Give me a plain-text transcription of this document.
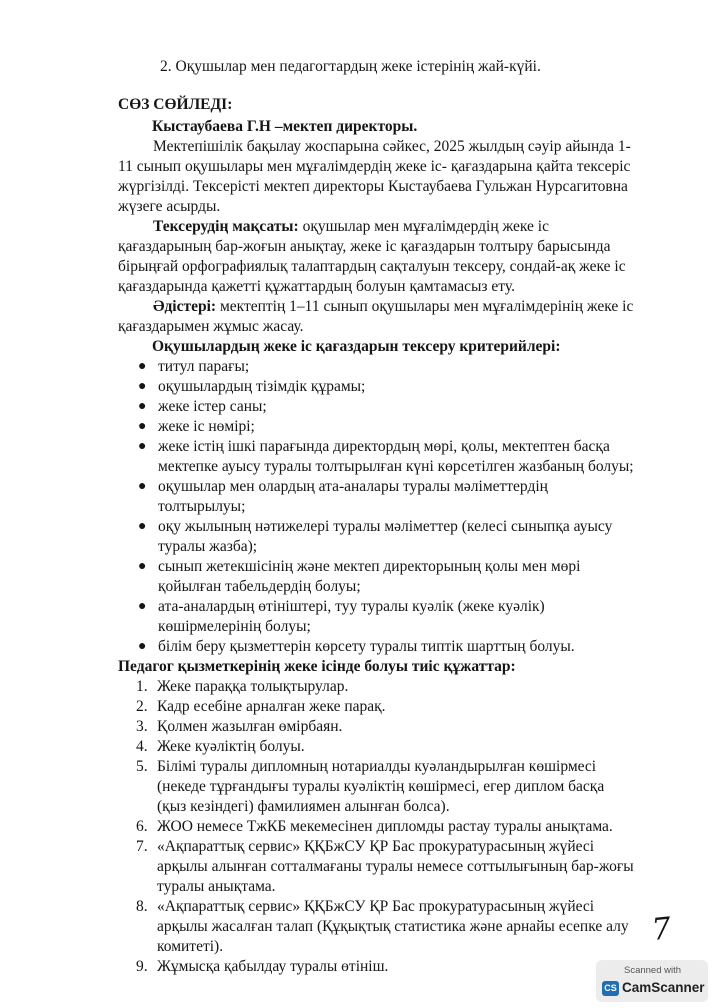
2. Оқушылар мен педагогтардың жеке істерінің жай-күйі.
СӨЗ СӨЙЛЕДІ:
Кыстаубаева Г.Н –мектеп директоры.
Мектепішілік бақылау жоспарына сәйкес, 2025 жылдың сәуір айында 1-
11 сынып оқушылары мен мұғалімдердің жеке іс- қағаздарына қайта тексеріс
жүргізілді. Тексерісті мектеп директоры Кыстаубаева Гульжан Нурсагитовна
жүзеге асырды.
Тексерудің мақсаты: оқушылар мен мұғалімдердің жеке іс
қағаздарының бар-жоғын анықтау, жеке іс қағаздарын толтыру барысында
бірыңғай орфографиялық талаптардың сақталуын тексеру, сондай-ақ жеке іс
қағаздарында қажетті құжаттардың болуын қамтамасыз ету.
Әдістері: мектептің 1–11 сынып оқушылары мен мұғалімдерінің жеке іс
қағаздарымен жұмыс жасау.
Оқушылардың жеке іс қағаздарын тексеру критерийлері:
● титул парағы;
● оқушылардың тізімдік құрамы;
● жеке істер саны;
● жеке іс нөмірі;
● жеке істің ішкі парағында директордың мөрі, қолы, мектептен басқа
мектепке ауысу туралы толтырылған күні көрсетілген жазбаның болуы;
● оқушылар мен олардың ата-аналары туралы мәліметтердің
толтырылуы;
● оқу жылының нәтижелері туралы мәліметтер (келесі сыныпқа ауысу
туралы жазба);
● сынып жетекшісінің және мектеп директорының қолы мен мөрі
қойылған табельдердің болуы;
● ата-аналардың өтініштері, туу туралы куәлік (жеке куәлік)
көшірмелерінің болуы;
● білім беру қызметтерін көрсету туралы типтік шарттың болуы.
Педагог қызметкерінің жеке ісінде болуы тиіс құжаттар:
1. Жеке параққа толықтырулар.
2. Кадр есебіне арналған жеке парақ.
3. Қолмен жазылған өмірбаян.
4. Жеке куәліктің болуы.
5. Білімі туралы дипломның нотариалды куәландырылған көшірмесі
(некеде тұрғандығы туралы куәліктің көшірмесі, егер диплом басқа
(қыз кезіндегі) фамилиямен алынған болса).
6. ЖОО немесе ТжКБ мекемесінен дипломды растау туралы анықтама.
7. «Ақпараттық сервис» ҚҚБжСУ ҚР Бас прокуратурасының жүйесі
арқылы алынған сотталмағаны туралы немесе соттылығының бар-жоғы
туралы анықтама.
8. «Ақпараттық сервис» ҚҚБжСУ ҚР Бас прокуратурасының жүйесі
арқылы жасалған талап (Құқықтық статистика және арнайы есепке алу
комитеті).
9. Жұмысқа қабылдау туралы өтініш.
7
Scanned with
CS CamScanner
